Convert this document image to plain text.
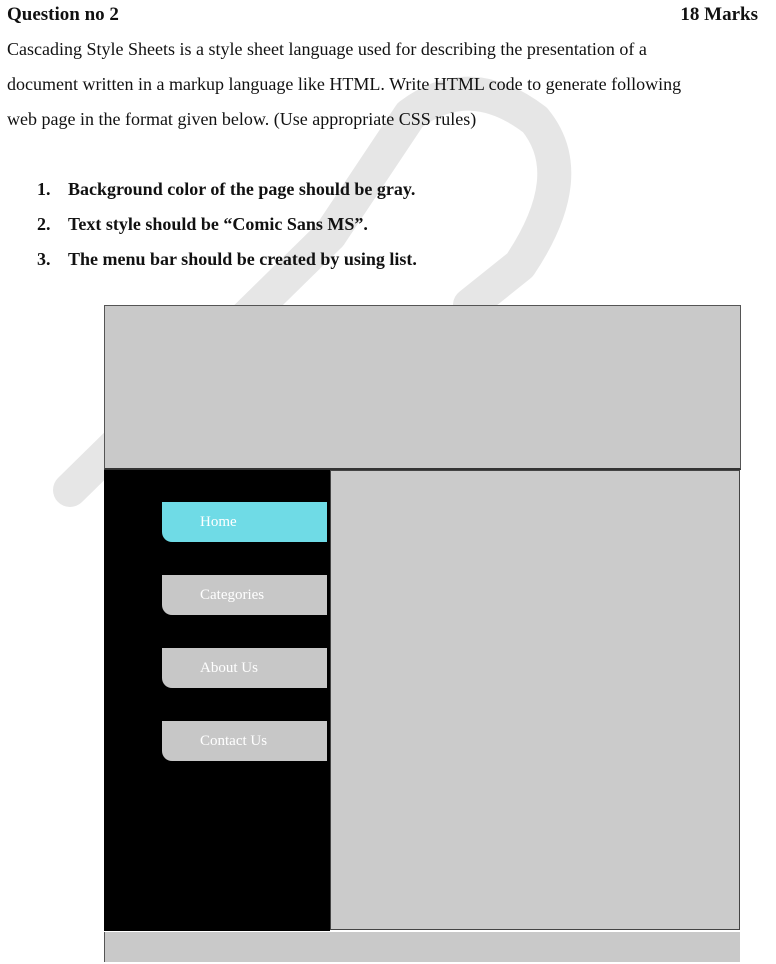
Question no 2	18 Marks
Cascading Style Sheets is a style sheet language used for describing the presentation of a
document written in a markup language like HTML. Write HTML code to generate following
web page in the format given below. (Use appropriate CSS rules)
1. Background color of the page should be gray.
2. Text style should be “Comic Sans MS”.
3. The menu bar should be created by using list.
Home
Categories
About Us
Contact Us
